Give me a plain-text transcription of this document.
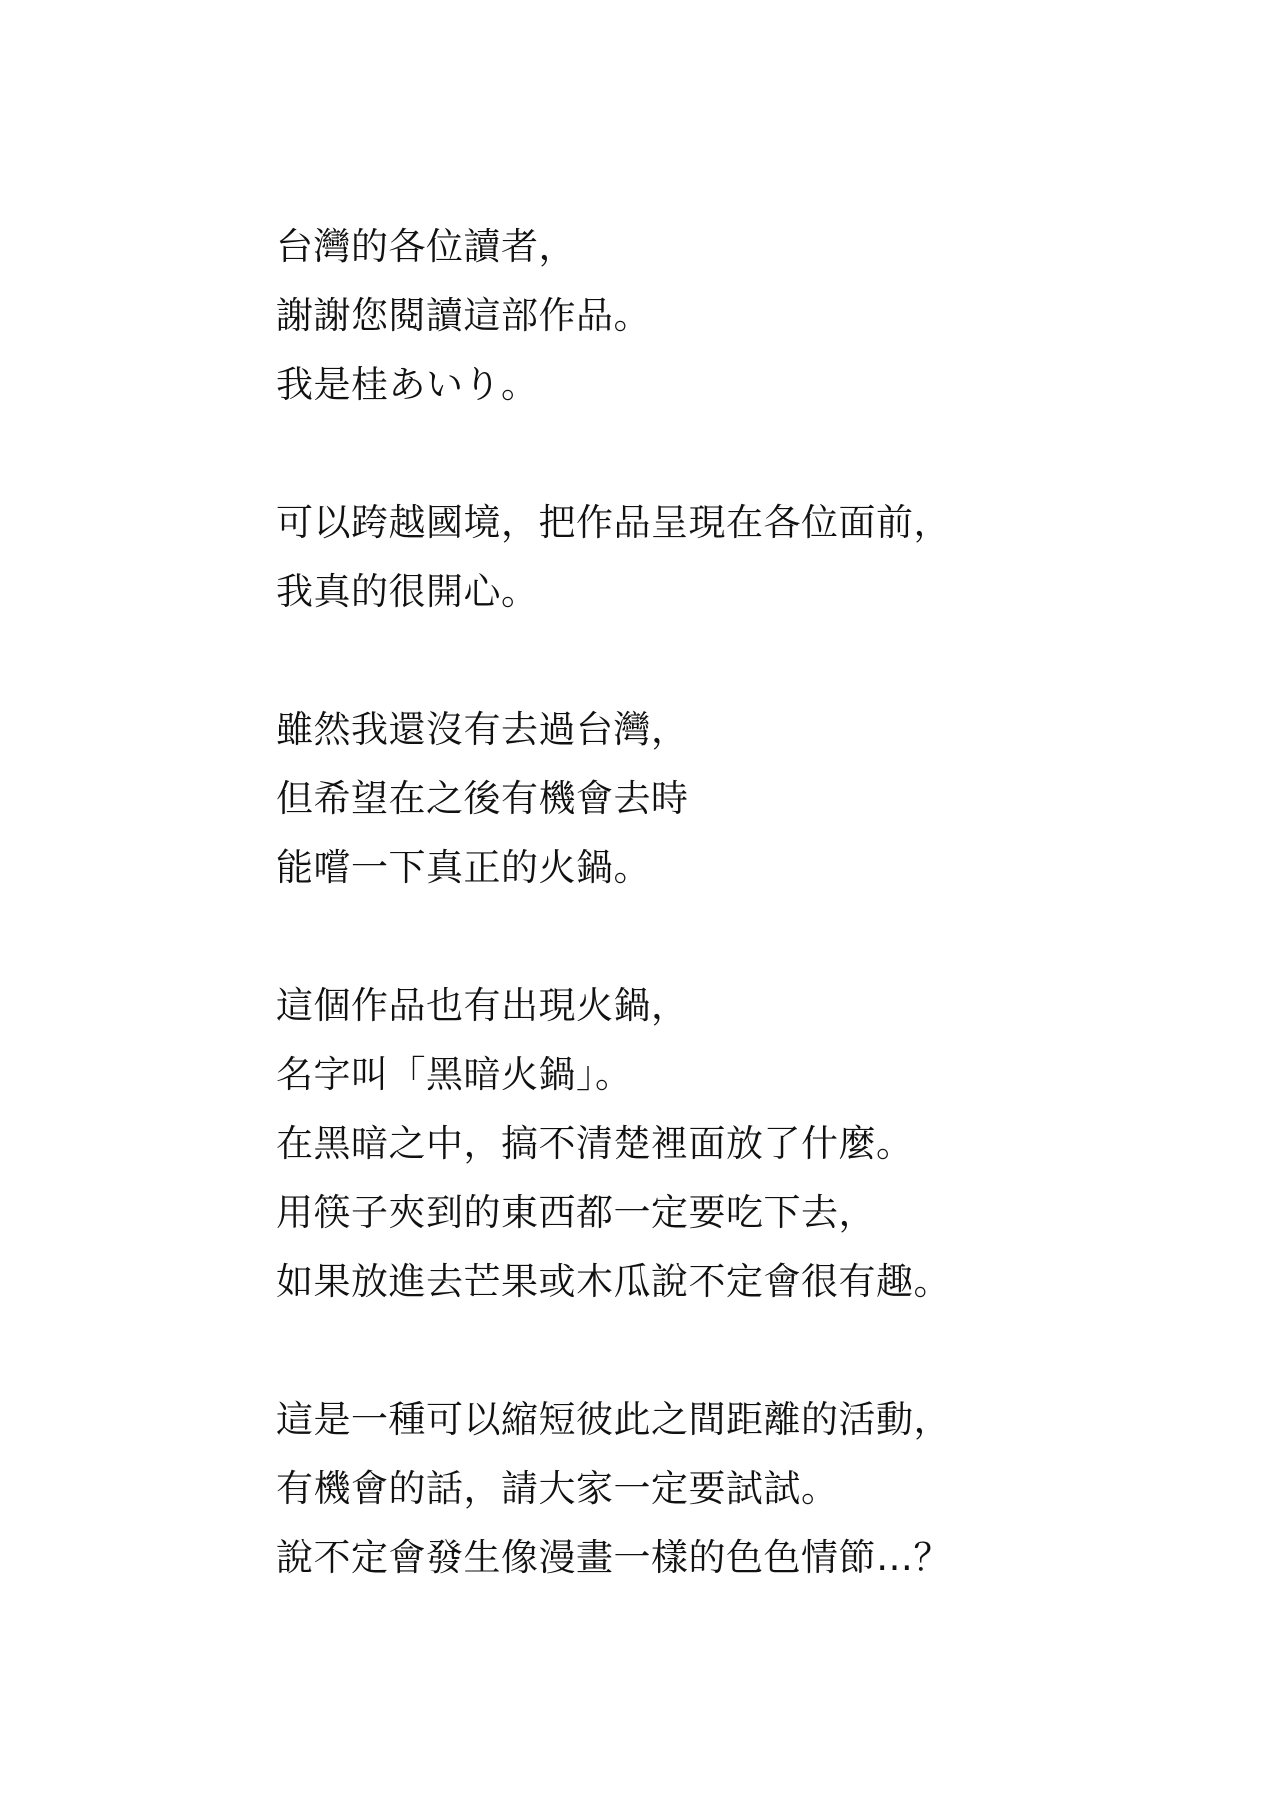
台灣的各位讀者，
謝謝您閱讀這部作品。
我是桂あいり。
可以跨越國境，把作品呈現在各位面前，
我真的很開心。
雖然我還沒有去過台灣，
但希望在之後有機會去時
能嚐一下真正的火鍋。
這個作品也有出現火鍋，
名字叫「黑暗火鍋」。
在黑暗之中，搞不清楚裡面放了什麼。
用筷子夾到的東西都一定要吃下去，
如果放進去芒果或木瓜說不定會很有趣。
這是一種可以縮短彼此之間距離的活動，
有機會的話，請大家一定要試試。
說不定會發生像漫畫一樣的色色情節…？
